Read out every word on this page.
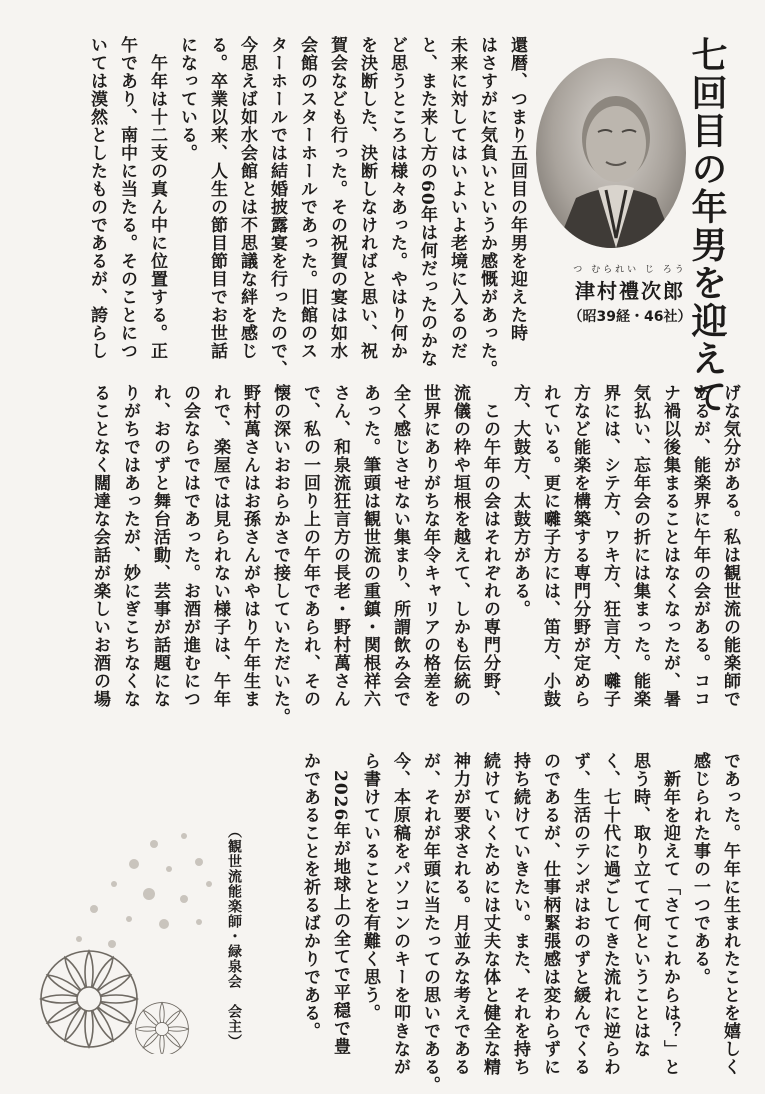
七回目の年男を迎えて
つ むられい じ ろう
津村禮次郎
（昭39経・46社）
還暦、つまり五回目の年男を迎えた時
はさすがに気負いというか感慨があった。
未来に対してはいよいよ老境に入るのだ
と、また来し方の60年は何だったのかな
ど思うところは様々あった。やはり何か
を決断した、決断しなければと思い、祝
賀会なども行った。その祝賀の宴は如水
会館のスターホールであった。旧館のス
ターホールでは結婚披露宴を行ったので、
今思えば如水会館とは不思議な絆を感じ
る。卒業以来、人生の節目節目でお世話
になっている。
　午年は十二支の真ん中に位置する。正
午であり、南中に当たる。そのことにつ
いては漠然としたものであるが、誇らし
げな気分がある。私は観世流の能楽師で
あるが、能楽界に午年の会がある。ココ
ナ禍以後集まることはなくなったが、暑
気払い、忘年会の折には集まった。能楽
界には、シテ方、ワキ方、狂言方、囃子
方など能楽を構築する専門分野が定めら
れている。更に囃子方には、笛方、小鼓
方、大鼓方、太鼓方がある。
　この午年の会はそれぞれの専門分野、
流儀の枠や垣根を越えて、しかも伝統の
世界にありがちな年令キャリアの格差を
全く感じさせない集まり、所謂飲み会で
あった。筆頭は観世流の重鎮・関根祥六
さん、和泉流狂言方の長老・野村萬さん
で、私の一回り上の午年であられ、その
懐の深いおおらかさで接していただいた。
野村萬さんはお孫さんがやはり午年生ま
れで、楽屋では見られない様子は、午年
の会ならではであった。お酒が進むにつ
れ、おのずと舞台活動、芸事が話題にな
りがちではあったが、妙にぎこちなくな
ることなく闊達な会話が楽しいお酒の場
であった。午年に生まれたことを嬉しく
感じられた事の一つである。
　新年を迎えて「さてこれからは？」と
思う時、取り立てて何ということはな
く、七十代に過ごしてきた流れに逆らわ
ず、生活のテンポはおのずと緩んでくる
のであるが、仕事柄緊張感は変わらずに
持ち続けていきたい。また、それを持ち
続けていくためには丈夫な体と健全な精
神力が要求される。月並みな考えである
が、それが年頭に当たっての思いである。
今、本原稿をパソコンのキーを叩きなが
ら書けていることを有難く思う。
　2026年が地球上の全てで平穏で豊
かであることを祈るばかりである。
（観世流能楽師・緑泉会　会主）
